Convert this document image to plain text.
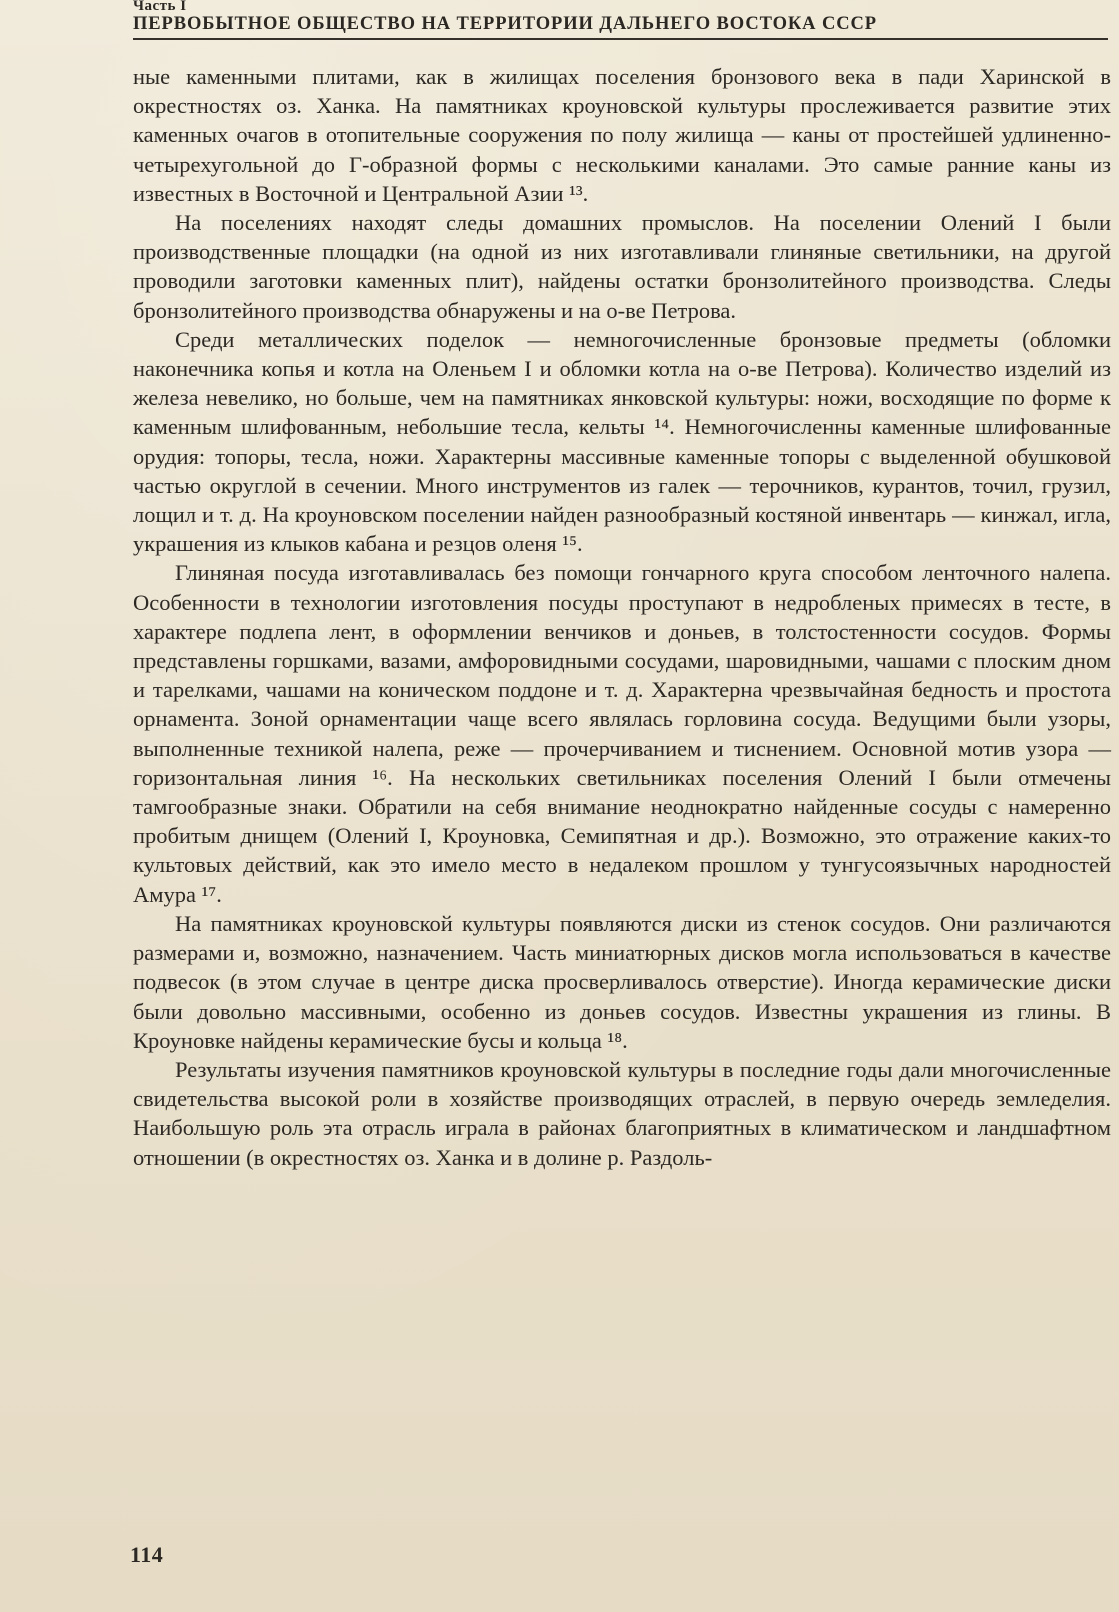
Часть I
ПЕРВОБЫТНОЕ ОБЩЕСТВО НА ТЕРРИТОРИИ ДАЛЬНЕГО ВОСТОКА СССР

ные каменными плитами, как в жилищах поселения бронзового века в пади Харинской в окрестностях оз. Ханка. На памятниках кроуновской культуры прослеживается развитие этих каменных очагов в отопительные сооружения по полу жилища — каны от простейшей удлиненно-четырехугольной до Г-образной формы с несколькими каналами. Это самые ранние каны из известных в Восточной и Центральной Азии ¹³.

На поселениях находят следы домашних промыслов. На поселении Олений I были производственные площадки (на одной из них изготавливали глиняные светильники, на другой проводили заготовки каменных плит), найдены остатки бронзолитейного производства. Следы бронзолитейного производства обнаружены и на о-ве Петрова.

Среди металлических поделок — немногочисленные бронзовые предметы (обломки наконечника копья и котла на Оленьем I и обломки котла на о-ве Петрова). Количество изделий из железа невелико, но больше, чем на памятниках янковской культуры: ножи, восходящие по форме к каменным шлифованным, небольшие тесла, кельты ¹⁴. Немногочисленны каменные шлифованные орудия: топоры, тесла, ножи. Характерны массивные каменные топоры с выделенной обушковой частью округлой в сечении. Много инструментов из галек — терочников, курантов, точил, грузил, лощил и т. д. На кроуновском поселении найден разнообразный костяной инвентарь — кинжал, игла, украшения из клыков кабана и резцов оленя ¹⁵.

Глиняная посуда изготавливалась без помощи гончарного круга способом ленточного налепа. Особенности в технологии изготовления посуды проступают в недробленых примесях в тесте, в характере подлепа лент, в оформлении венчиков и доньев, в толстостенности сосудов. Формы представлены горшками, вазами, амфоровидными сосудами, шаровидными, чашами с плоским дном и тарелками, чашами на коническом поддоне и т. д. Характерна чрезвычайная бедность и простота орнамента. Зоной орнаментации чаще всего являлась горловина сосуда. Ведущими были узоры, выполненные техникой налепа, реже — прочерчиванием и тиснением. Основной мотив узора — горизонтальная линия ¹⁶. На нескольких светильниках поселения Олений I были отмечены тамгообразные знаки. Обратили на себя внимание неоднократно найденные сосуды с намеренно пробитым днищем (Олений I, Кроуновка, Семипятная и др.). Возможно, это отражение каких-то культовых действий, как это имело место в недалеком прошлом у тунгусоязычных народностей Амура ¹⁷.

На памятниках кроуновской культуры появляются диски из стенок сосудов. Они различаются размерами и, возможно, назначением. Часть миниатюрных дисков могла использоваться в качестве подвесок (в этом случае в центре диска просверливалось отверстие). Иногда керамические диски были довольно массивными, особенно из доньев сосудов. Известны украшения из глины. В Кроуновке найдены керамические бусы и кольца ¹⁸.

Результаты изучения памятников кроуновской культуры в последние годы дали многочисленные свидетельства высокой роли в хозяйстве производящих отраслей, в первую очередь земледелия. Наибольшую роль эта отрасль играла в районах благоприятных в климатическом и ландшафтном отношении (в окрестностях оз. Ханка и в долине р. Раздоль-

114
